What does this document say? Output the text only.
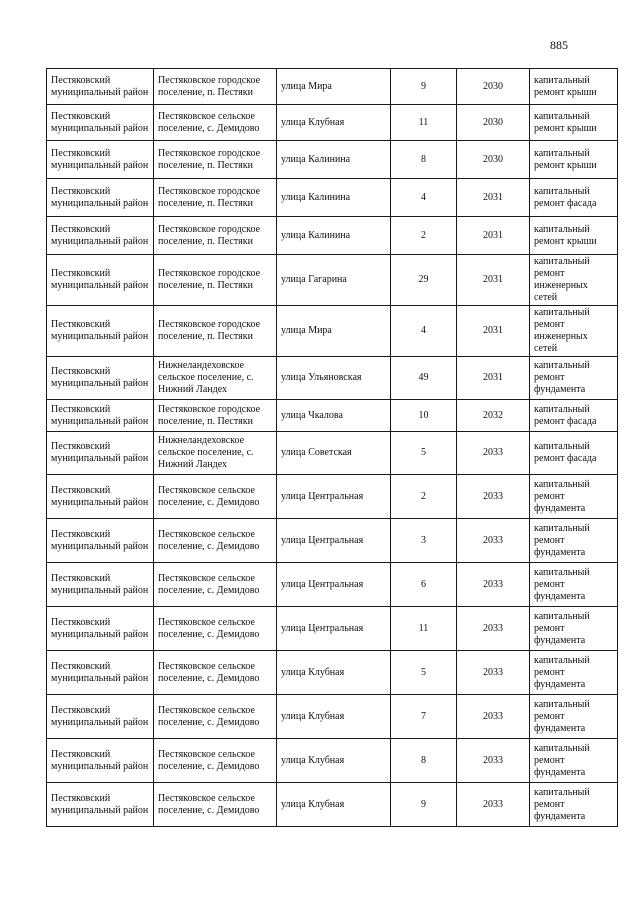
885
Пестяковский муниципальный район	Пестяковское городское поселение, п. Пестяки	улица Мира	9	2030	капитальный ремонт крыши
Пестяковский муниципальный район	Пестяковское сельское поселение, с. Демидово	улица Клубная	11	2030	капитальный ремонт крыши
Пестяковский муниципальный район	Пестяковское городское поселение, п. Пестяки	улица Калинина	8	2030	капитальный ремонт крыши
Пестяковский муниципальный район	Пестяковское городское поселение, п. Пестяки	улица Калинина	4	2031	капитальный ремонт фасада
Пестяковский муниципальный район	Пестяковское городское поселение, п. Пестяки	улица Калинина	2	2031	капитальный ремонт крыши
Пестяковский муниципальный район	Пестяковское городское поселение, п. Пестяки	улица Гагарина	29	2031	капитальный ремонт инженерных сетей
Пестяковский муниципальный район	Пестяковское городское поселение, п. Пестяки	улица Мира	4	2031	капитальный ремонт инженерных сетей
Пестяковский муниципальный район	Нижнеландеховское сельское поселение, с. Нижний Ландех	улица Ульяновская	49	2031	капитальный ремонт фундамента
Пестяковский муниципальный район	Пестяковское городское поселение, п. Пестяки	улица Чкалова	10	2032	капитальный ремонт фасада
Пестяковский муниципальный район	Нижнеландеховское сельское поселение, с. Нижний Ландех	улица Советская	5	2033	капитальный ремонт фасада
Пестяковский муниципальный район	Пестяковское сельское поселение, с. Демидово	улица Центральная	2	2033	капитальный ремонт фундамента
Пестяковский муниципальный район	Пестяковское сельское поселение, с. Демидово	улица Центральная	3	2033	капитальный ремонт фундамента
Пестяковский муниципальный район	Пестяковское сельское поселение, с. Демидово	улица Центральная	6	2033	капитальный ремонт фундамента
Пестяковский муниципальный район	Пестяковское сельское поселение, с. Демидово	улица Центральная	11	2033	капитальный ремонт фундамента
Пестяковский муниципальный район	Пестяковское сельское поселение, с. Демидово	улица Клубная	5	2033	капитальный ремонт фундамента
Пестяковский муниципальный район	Пестяковское сельское поселение, с. Демидово	улица Клубная	7	2033	капитальный ремонт фундамента
Пестяковский муниципальный район	Пестяковское сельское поселение, с. Демидово	улица Клубная	8	2033	капитальный ремонт фундамента
Пестяковский муниципальный район	Пестяковское сельское поселение, с. Демидово	улица Клубная	9	2033	капитальный ремонт фундамента
